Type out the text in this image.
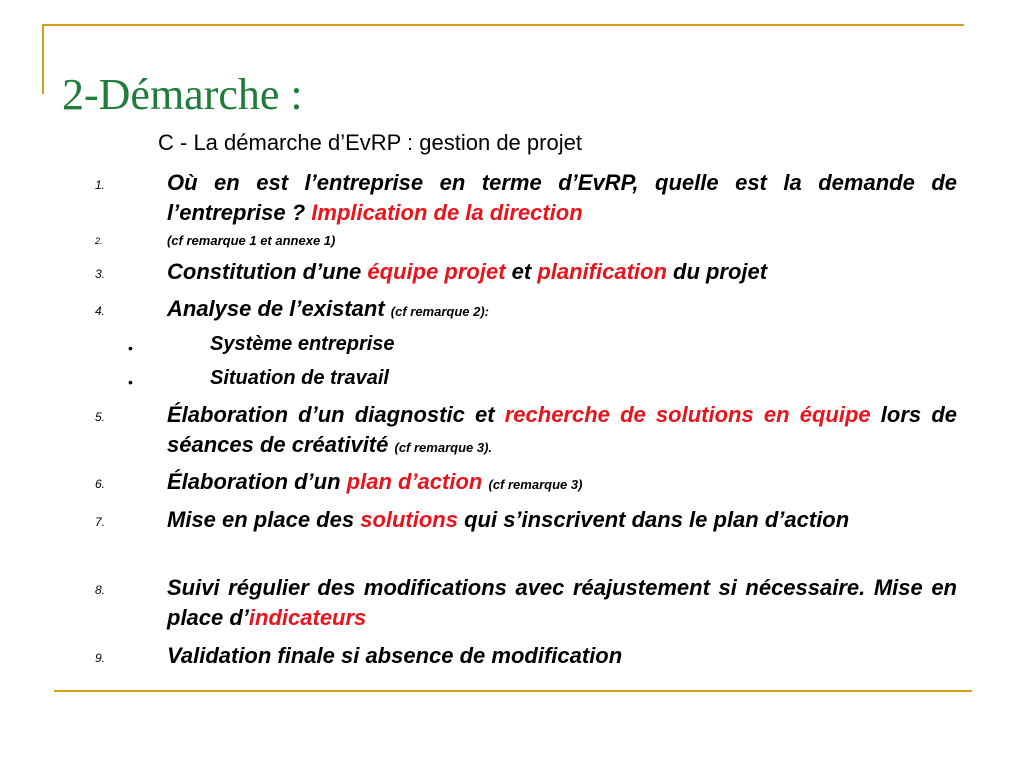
2-Démarche :
C - La démarche d’EvRP : gestion de projet
1.	Où en est l’entreprise en terme d’EvRP, quelle est la demande de l’entreprise ? Implication de la direction
2.	(cf remarque 1 et annexe 1)
3.	Constitution d’une équipe projet et planification du projet
4.	Analyse de l’existant (cf remarque 2):
•	Système entreprise
•	Situation de travail
5.	Élaboration d’un diagnostic et recherche de solutions en équipe lors de séances de créativité (cf remarque 3).
6.	Élaboration d’un plan d’action (cf remarque 3)
7.	Mise en place des solutions qui s’inscrivent dans le plan d’action
8.	Suivi régulier des modifications avec réajustement si nécessaire. Mise en place d’indicateurs
9.	Validation finale si absence de modification
